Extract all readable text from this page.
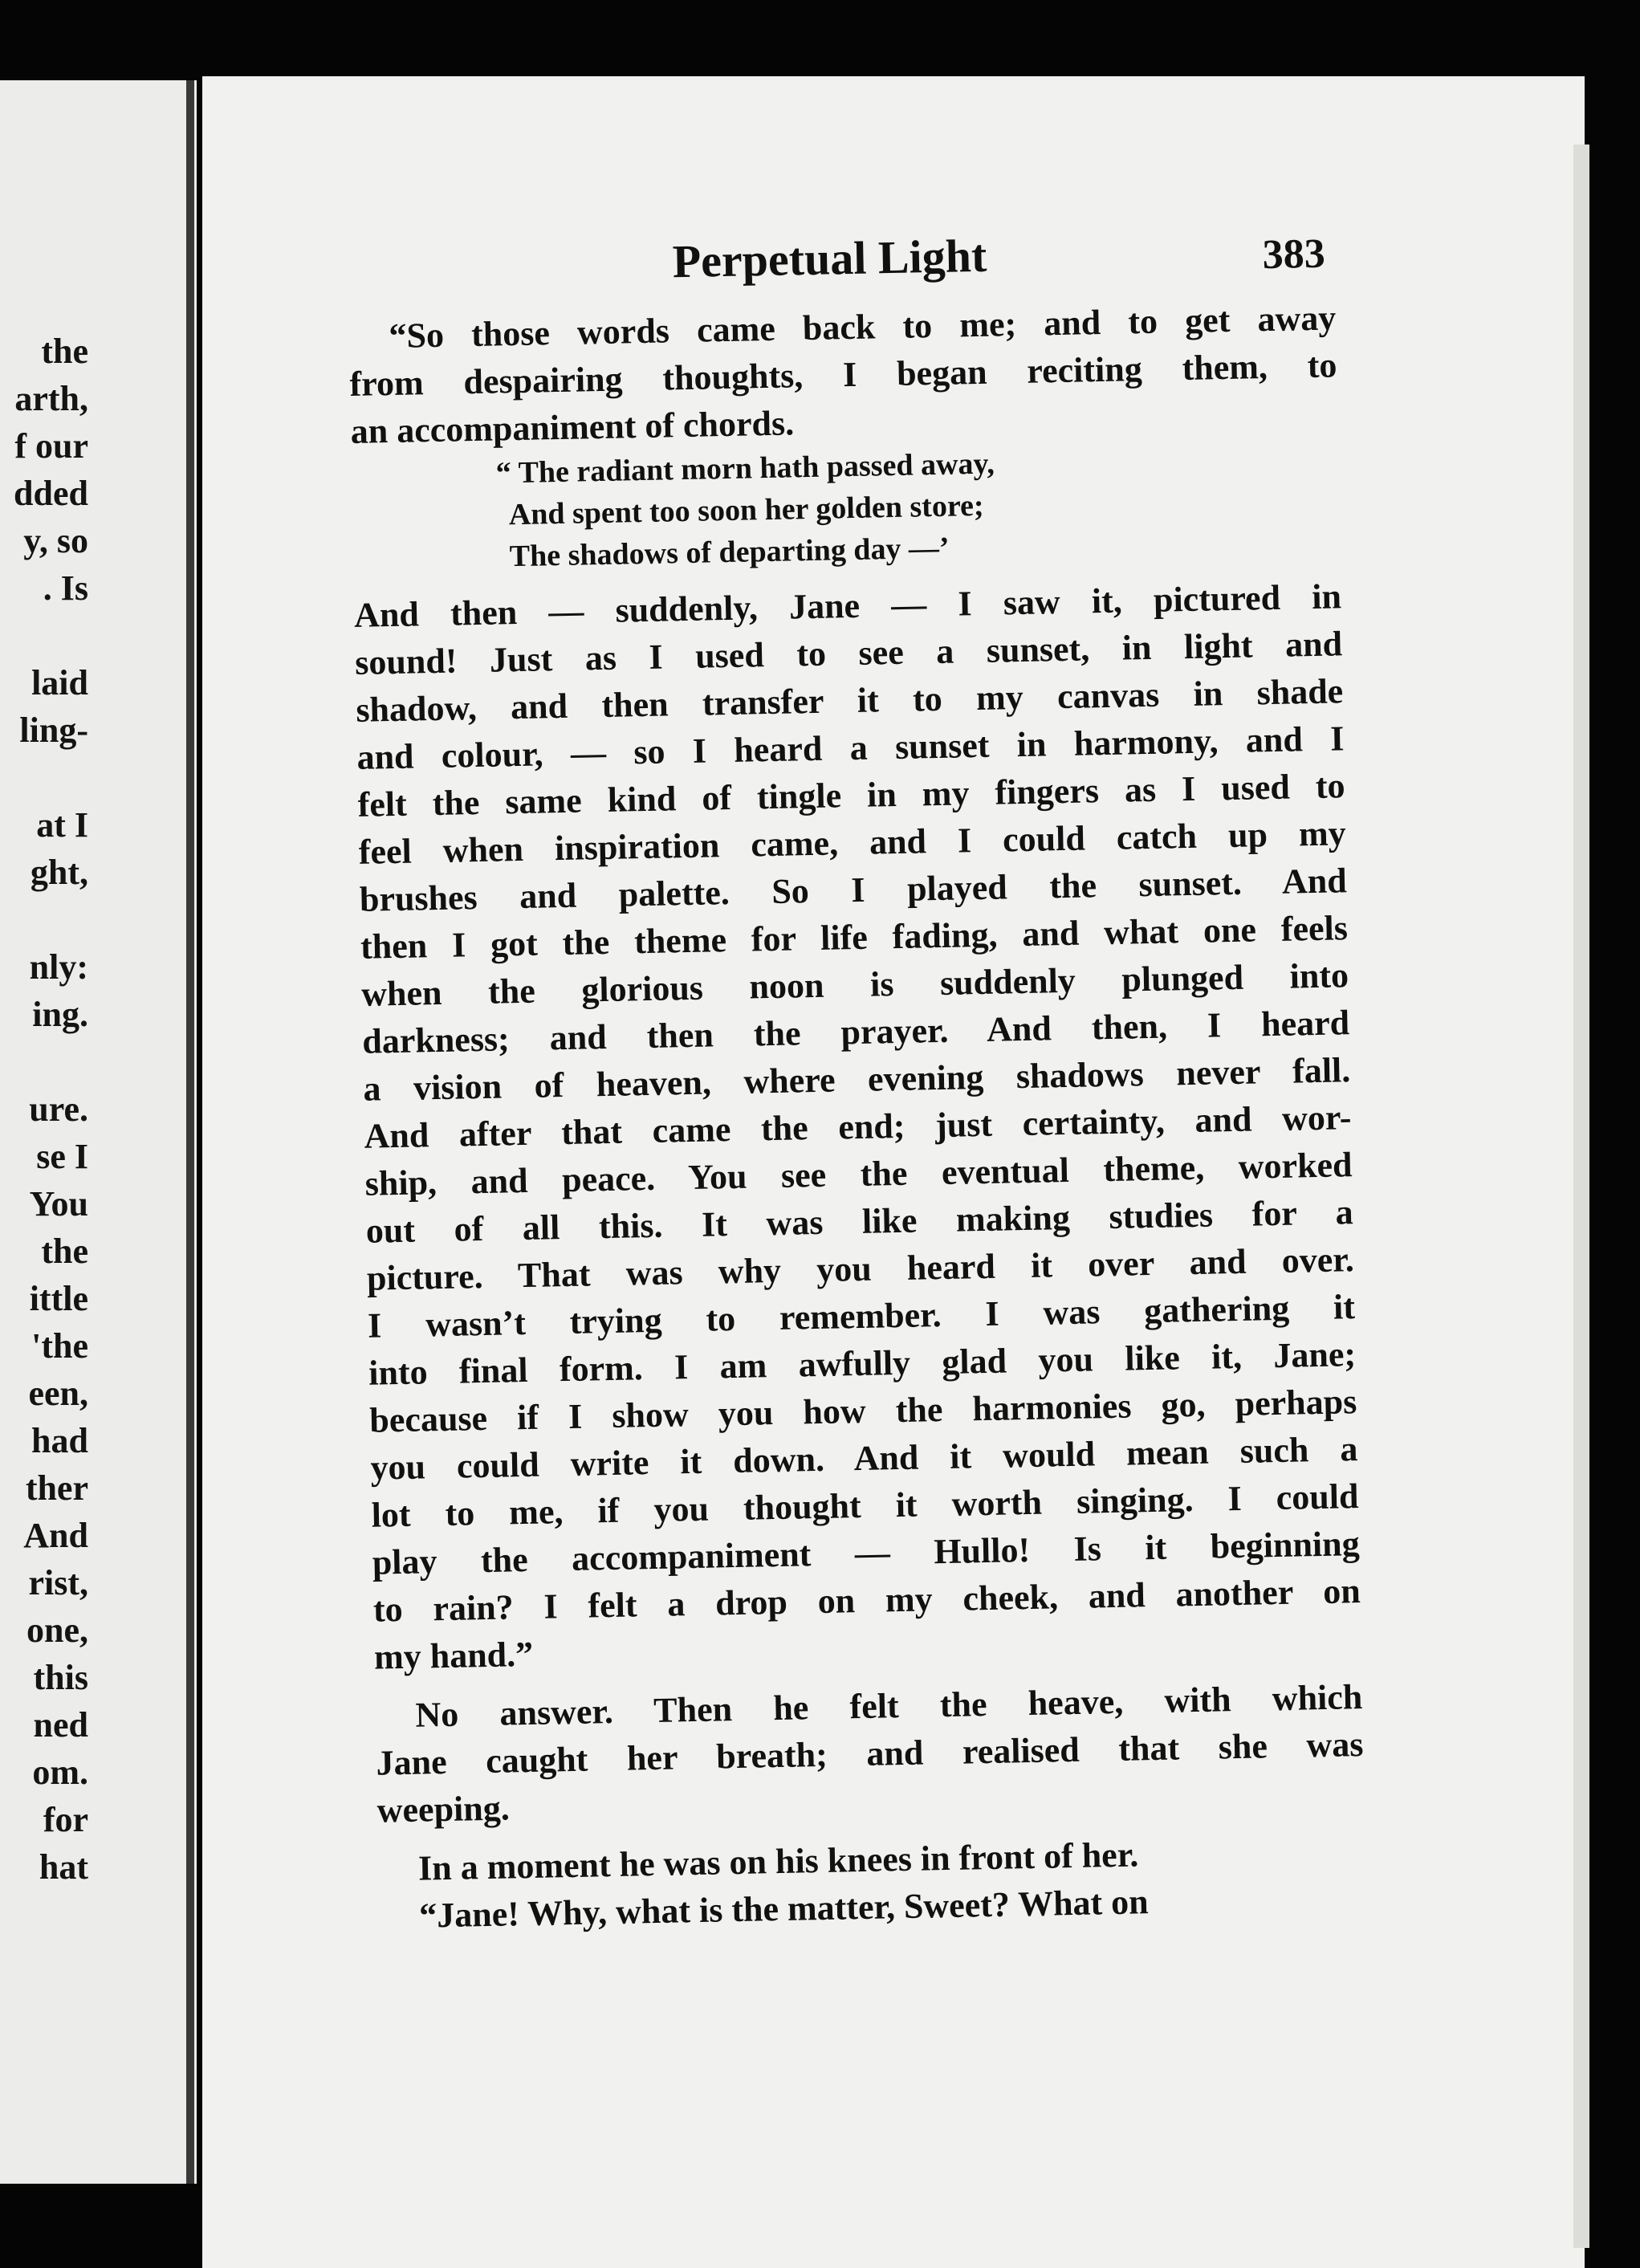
the
arth,
f our
dded
y, so
. Is
laid
ling-
at I
ght,
nly:
ing.
ure.
se I
You
the
ittle
'the
een,
had
ther
And
rist,
one,
this
ned
om.
for
hat
Perpetual Light	383
“So those words came back to me; and to get away
from despairing thoughts, I began reciting them, to
an accompaniment of chords.
“ The radiant morn hath passed away,
And spent too soon her golden store;
The shadows of departing day —’
And then — suddenly, Jane — I saw it, pictured in
sound! Just as I used to see a sunset, in light and
shadow, and then transfer it to my canvas in shade
and colour, — so I heard a sunset in harmony, and I
felt the same kind of tingle in my fingers as I used to
feel when inspiration came, and I could catch up my
brushes and palette. So I played the sunset. And
then I got the theme for life fading, and what one feels
when the glorious noon is suddenly plunged into
darkness; and then the prayer. And then, I heard
a vision of heaven, where evening shadows never fall.
And after that came the end; just certainty, and wor-
ship, and peace. You see the eventual theme, worked
out of all this. It was like making studies for a
picture. That was why you heard it over and over.
I wasn’t trying to remember. I was gathering it
into final form. I am awfully glad you like it, Jane;
because if I show you how the harmonies go, perhaps
you could write it down. And it would mean such a
lot to me, if you thought it worth singing. I could
play the accompaniment — Hullo! Is it beginning
to rain? I felt a drop on my cheek, and another on
my hand.”
No answer. Then he felt the heave, with which
Jane caught her breath; and realised that she was
weeping.
In a moment he was on his knees in front of her.
“Jane! Why, what is the matter, Sweet? What on
